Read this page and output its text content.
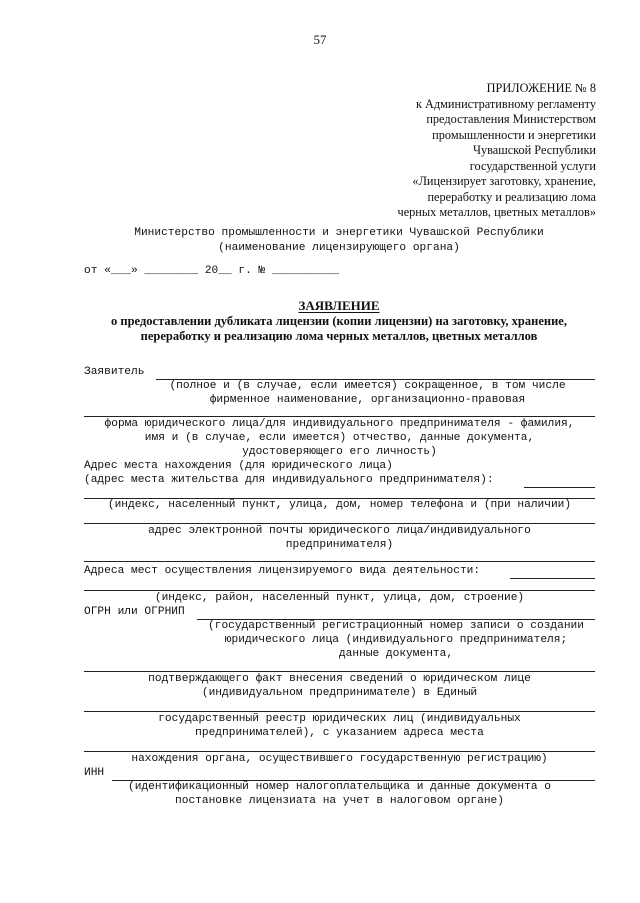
57
ПРИЛОЖЕНИЕ № 8
к Административному регламенту
предоставления Министерством
промышленности и энергетики
Чувашской Республики
государственной услуги
«Лицензирует заготовку, хранение,
переработку и реализацию лома
черных металлов, цветных металлов»
Министерство промышленности и энергетики Чувашской Республики
(наименование лицензирующего органа)
от «___» ________ 20__ г. № __________
ЗАЯВЛЕНИЕ
о предоставлении дубликата лицензии (копии лицензии) на заготовку, хранение,
переработку и реализацию лома черных металлов, цветных металлов
Заявитель
(полное и (в случае, если имеется) сокращенное, в том числе
фирменное наименование, организационно-правовая
форма юридического лица/для индивидуального предпринимателя - фамилия,
имя и (в случае, если имеется) отчество, данные документа,
удостоверяющего его личность)
Адрес места нахождения (для юридического лица)
(адрес места жительства для индивидуального предпринимателя):
(индекс, населенный пункт, улица, дом, номер телефона и (при наличии)
адрес электронной почты юридического лица/индивидуального
предпринимателя)
Адреса мест осуществления лицензируемого вида деятельности:
(индекс, район, населенный пункт, улица, дом, строение)
ОГРН или ОГРНИП
(государственный регистрационный номер записи о создании
юридического лица (индивидуального предпринимателя;
данные документа,
подтверждающего факт внесения сведений о юридическом лице
(индивидуальном предпринимателе) в Единый
государственный реестр юридических лиц (индивидуальных
предпринимателей), с указанием адреса места
нахождения органа, осуществившего государственную регистрацию)
ИНН
(идентификационный номер налогоплательщика и данные документа о
постановке лицензиата на учет в налоговом органе)
